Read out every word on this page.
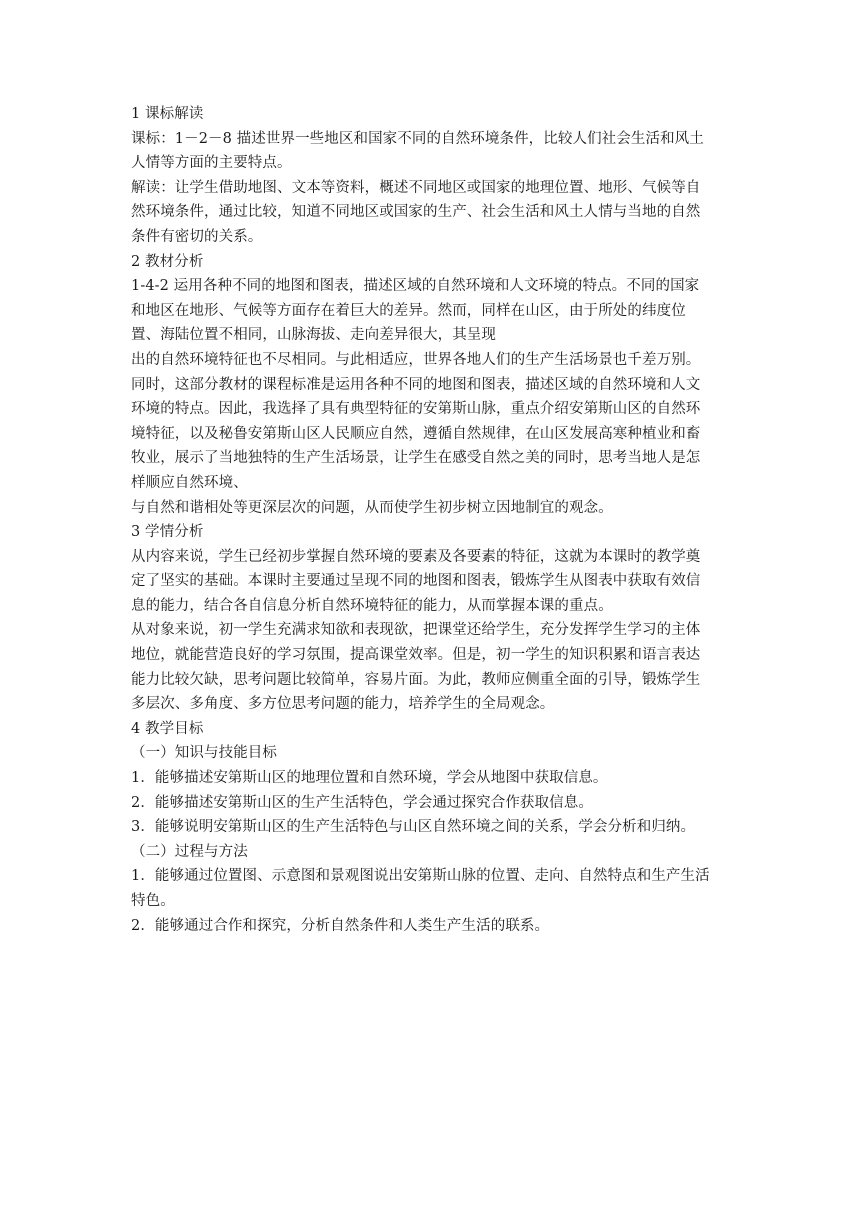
1 课标解读

课标：1－2－8 描述世界一些地区和国家不同的自然环境条件，比较人们社会生活和风土

人情等方面的主要特点。

解读：让学生借助地图、文本等资料，概述不同地区或国家的地理位置、地形、气候等自

然环境条件，通过比较，知道不同地区或国家的生产、社会生活和风土人情与当地的自然

条件有密切的关系。

2 教材分析

1-4-2 运用各种不同的地图和图表，描述区域的自然环境和人文环境的特点。不同的国家

和地区在地形、气候等方面存在着巨大的差异。然而，同样在山区，由于所处的纬度位

置、海陆位置不相同，山脉海拔、走向差异很大，其呈现

出的自然环境特征也不尽相同。与此相适应，世界各地人们的生产生活场景也千差万别。

同时，这部分教材的课程标准是运用各种不同的地图和图表，描述区域的自然环境和人文

环境的特点。因此，我选择了具有典型特征的安第斯山脉，重点介绍安第斯山区的自然环

境特征，以及秘鲁安第斯山区人民顺应自然，遵循自然规律，在山区发展高寒种植业和畜

牧业，展示了当地独特的生产生活场景，让学生在感受自然之美的同时，思考当地人是怎

样顺应自然环境、

与自然和谐相处等更深层次的问题，从而使学生初步树立因地制宜的观念。

3 学情分析

从内容来说，学生已经初步掌握自然环境的要素及各要素的特征，这就为本课时的教学奠

定了坚实的基础。本课时主要通过呈现不同的地图和图表，锻炼学生从图表中获取有效信

息的能力，结合各自信息分析自然环境特征的能力，从而掌握本课的重点。

从对象来说，初一学生充满求知欲和表现欲，把课堂还给学生，充分发挥学生学习的主体

地位，就能营造良好的学习氛围，提高课堂效率。但是，初一学生的知识积累和语言表达

能力比较欠缺，思考问题比较简单，容易片面。为此，教师应侧重全面的引导，锻炼学生

多层次、多角度、多方位思考问题的能力，培养学生的全局观念。

4 教学目标

（一）知识与技能目标

1．能够描述安第斯山区的地理位置和自然环境，学会从地图中获取信息。

2．能够描述安第斯山区的生产生活特色，学会通过探究合作获取信息。

3．能够说明安第斯山区的生产生活特色与山区自然环境之间的关系，学会分析和归纳。

（二）过程与方法

1．能够通过位置图、示意图和景观图说出安第斯山脉的位置、走向、自然特点和生产生活

特色。

2．能够通过合作和探究，分析自然条件和人类生产生活的联系。
